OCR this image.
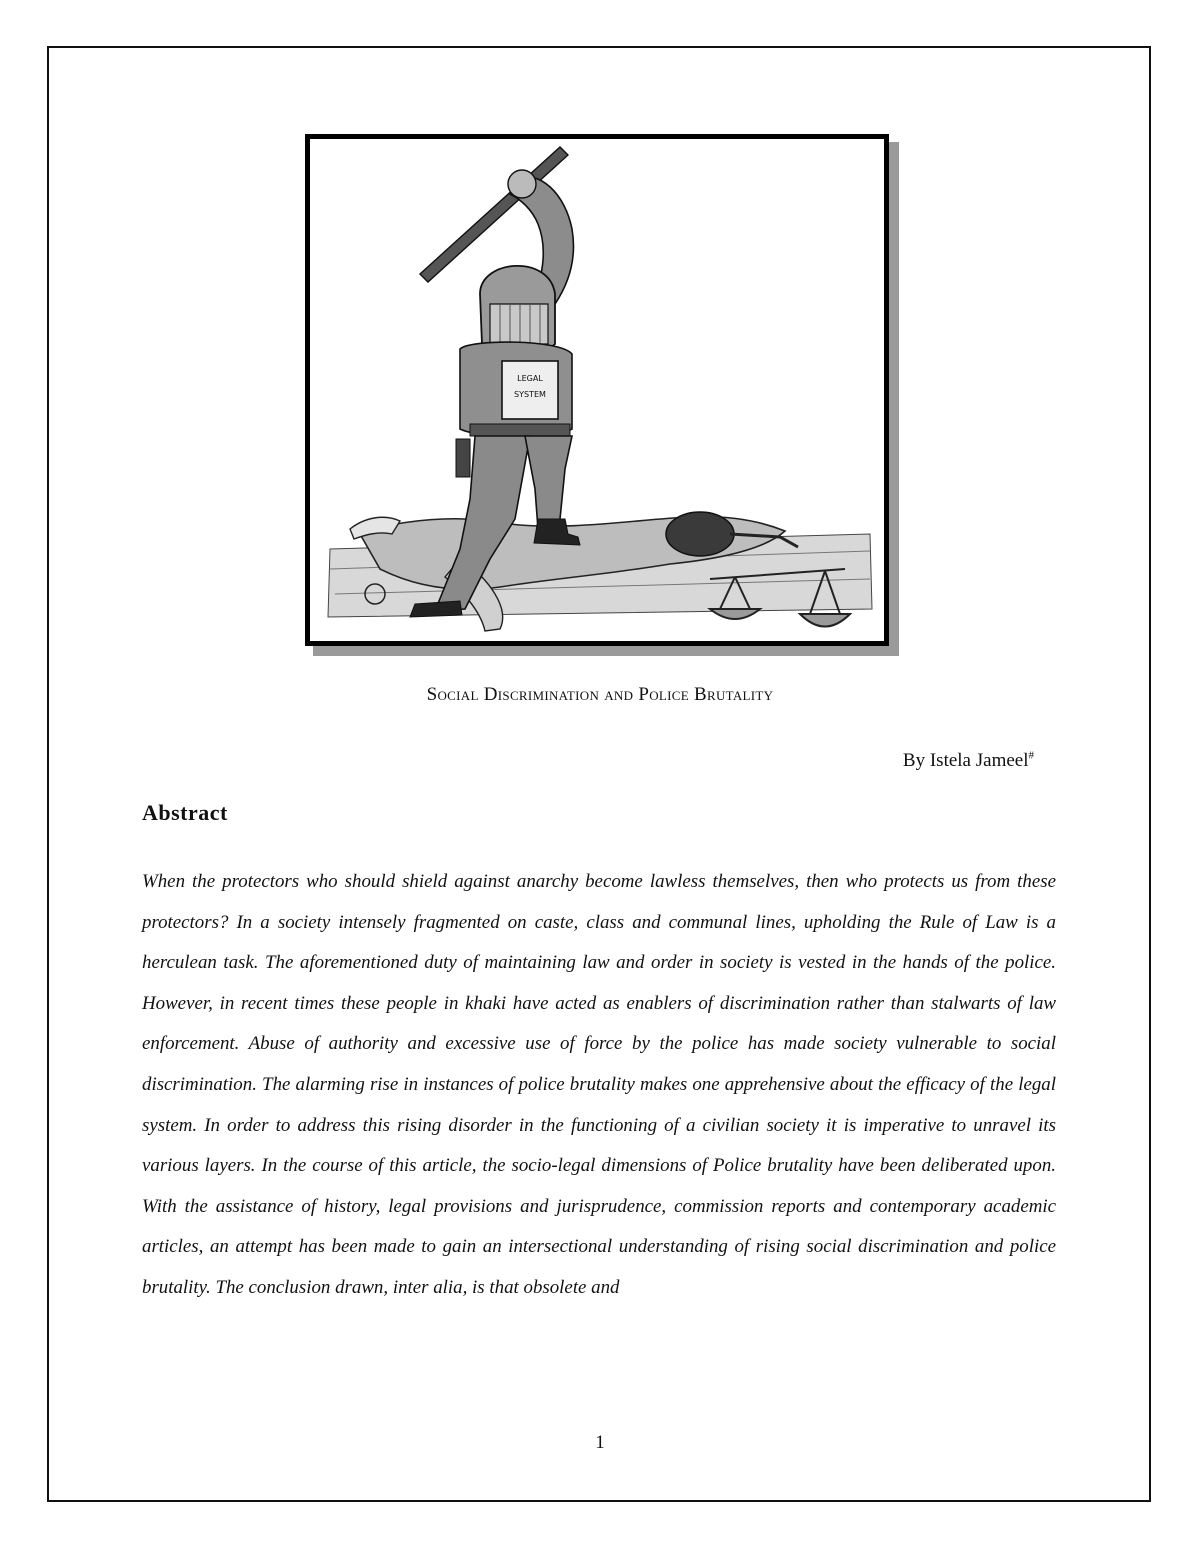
LEGAL
SYSTEM
Social Discrimination and Police Brutality

By Istela Jameel#

Abstract

When the protectors who should shield against anarchy become lawless themselves, then who protects us from these protectors? In a society intensely fragmented on caste, class and communal lines, upholding the Rule of Law is a herculean task. The aforementioned duty of maintaining law and order in society is vested in the hands of the police. However, in recent times these people in khaki have acted as enablers of discrimination rather than stalwarts of law enforcement. Abuse of authority and excessive use of force by the police has made society vulnerable to social discrimination. The alarming rise in instances of police brutality makes one apprehensive about the efficacy of the legal system. In order to address this rising disorder in the functioning of a civilian society it is imperative to unravel its various layers. In the course of this article, the socio-legal dimensions of Police brutality have been deliberated upon. With the assistance of history, legal provisions and jurisprudence, commission reports and contemporary academic articles, an attempt has been made to gain an intersectional understanding of rising social discrimination and police brutality. The conclusion drawn, inter alia, is that obsolete and

1
